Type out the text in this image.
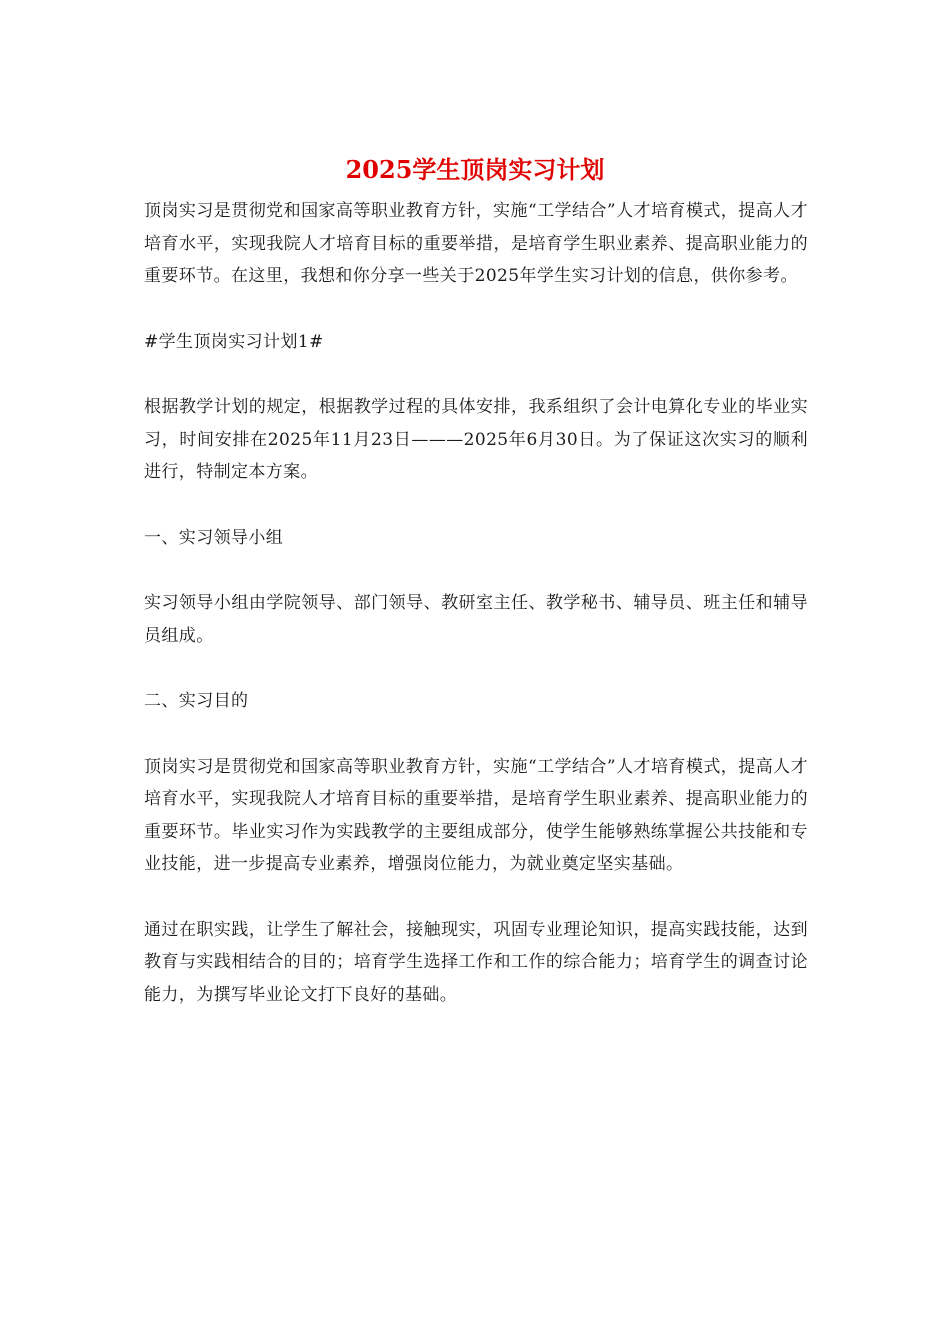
2025学生顶岗实习计划

顶岗实习是贯彻党和国家高等职业教育方针，实施“工学结合”人才培育模式，提高人才培育水平，实现我院人才培育目标的重要举措，是培育学生职业素养、提高职业能力的重要环节。在这里，我想和你分享一些关于2025年学生实习计划的信息，供你参考。

#学生顶岗实习计划1#

根据教学计划的规定，根据教学过程的具体安排，我系组织了会计电算化专业的毕业实习，时间安排在2025年11月23日———2025年6月30日。为了保证这次实习的顺利进行，特制定本方案。

一、实习领导小组

实习领导小组由学院领导、部门领导、教研室主任、教学秘书、辅导员、班主任和辅导员组成。

二、实习目的

顶岗实习是贯彻党和国家高等职业教育方针，实施“工学结合”人才培育模式，提高人才培育水平，实现我院人才培育目标的重要举措，是培育学生职业素养、提高职业能力的重要环节。毕业实习作为实践教学的主要组成部分，使学生能够熟练掌握公共技能和专业技能，进一步提高专业素养，增强岗位能力，为就业奠定坚实基础。

通过在职实践，让学生了解社会，接触现实，巩固专业理论知识，提高实践技能，达到教育与实践相结合的目的；培育学生选择工作和工作的综合能力；培育学生的调查讨论能力，为撰写毕业论文打下良好的基础。
